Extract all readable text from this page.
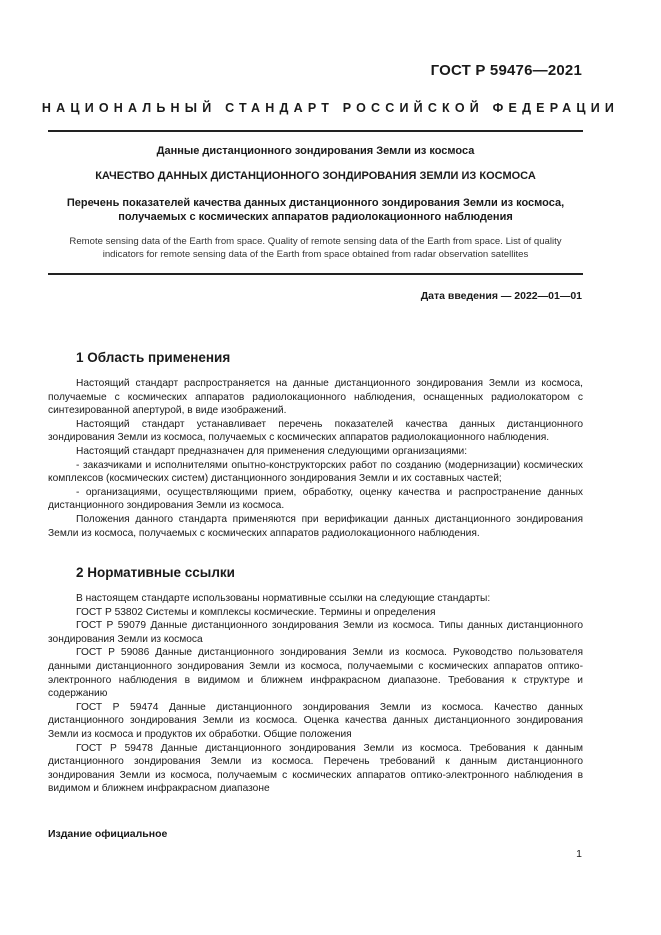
ГОСТ Р 59476—2021
НАЦИОНАЛЬНЫЙ СТАНДАРТ РОССИЙСКОЙ ФЕДЕРАЦИИ
Данные дистанционного зондирования Земли из космоса
КАЧЕСТВО ДАННЫХ ДИСТАНЦИОННОГО ЗОНДИРОВАНИЯ ЗЕМЛИ ИЗ КОСМОСА
Перечень показателей качества данных дистанционного зондирования Земли из космоса, получаемых с космических аппаратов радиолокационного наблюдения
Remote sensing data of the Earth from space. Quality of remote sensing data of the Earth from space. List of quality indicators for remote sensing data of the Earth from space obtained from radar observation satellites
Дата введения — 2022—01—01
1 Область применения

Настоящий стандарт распространяется на данные дистанционного зондирования Земли из космоса, получаемые с космических аппаратов радиолокационного наблюдения, оснащенных радиолокатором с синтезированной апертурой, в виде изображений.

Настоящий стандарт устанавливает перечень показателей качества данных дистанционного зондирования Земли из космоса, получаемых с космических аппаратов радиолокационного наблюдения.

Настоящий стандарт предназначен для применения следующими организациями:

- заказчиками и исполнителями опытно-конструкторских работ по созданию (модернизации) космических комплексов (космических систем) дистанционного зондирования Земли и их составных частей;

- организациями, осуществляющими прием, обработку, оценку качества и распространение данных дистанционного зондирования Земли из космоса.

Положения данного стандарта применяются при верификации данных дистанционного зондирования Земли из космоса, получаемых с космических аппаратов радиолокационного наблюдения.

2 Нормативные ссылки

В настоящем стандарте использованы нормативные ссылки на следующие стандарты:

ГОСТ Р 53802 Системы и комплексы космические. Термины и определения

ГОСТ Р 59079 Данные дистанционного зондирования Земли из космоса. Типы данных дистанционного зондирования Земли из космоса

ГОСТ Р 59086 Данные дистанционного зондирования Земли из космоса. Руководство пользователя данными дистанционного зондирования Земли из космоса, получаемыми с космических аппаратов оптико-электронного наблюдения в видимом и ближнем инфракрасном диапазоне. Требования к структуре и содержанию

ГОСТ Р 59474 Данные дистанционного зондирования Земли из космоса. Качество данных дистанционного зондирования Земли из космоса. Оценка качества данных дистанционного зондирования Земли из космоса и продуктов их обработки. Общие положения

ГОСТ Р 59478 Данные дистанционного зондирования Земли из космоса. Требования к данным дистанционного зондирования Земли из космоса. Перечень требований к данным дистанционного зондирования Земли из космоса, получаемым с космических аппаратов оптико-электронного наблюдения в видимом и ближнем инфракрасном диапазоне

Издание официальное
1
